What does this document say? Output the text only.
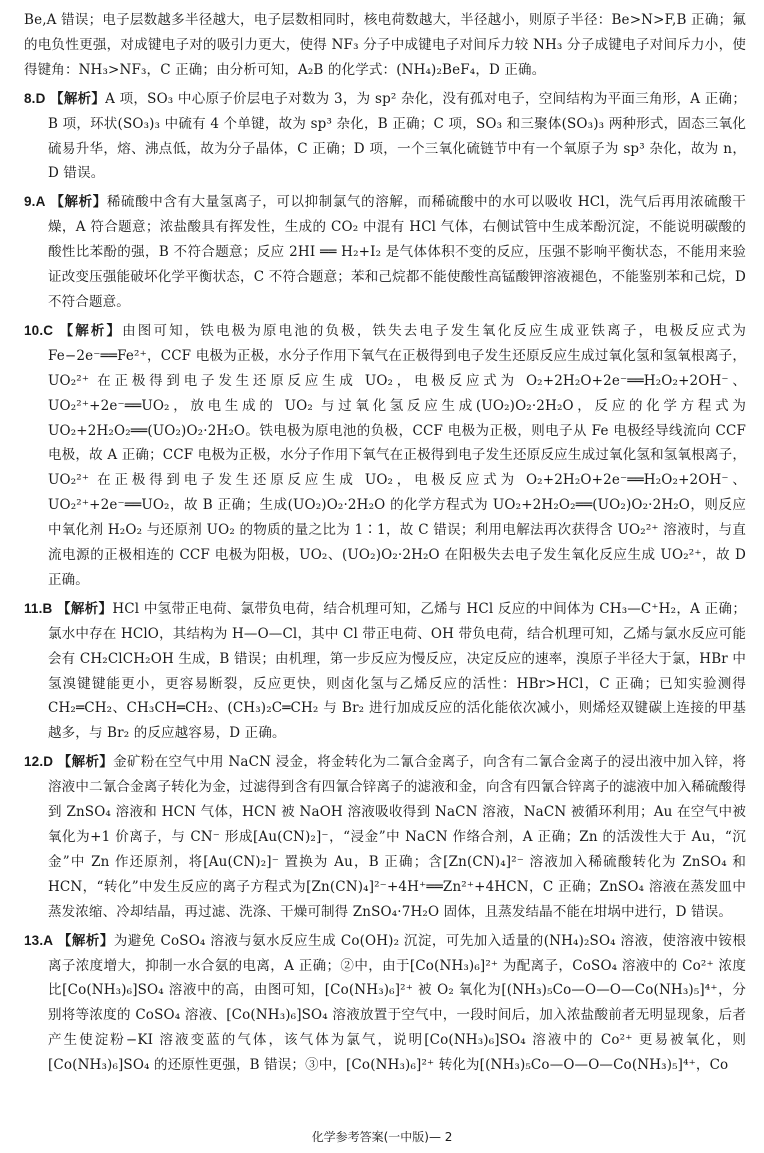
Be,A 错误；电子层数越多半径越大，电子层数相同时，核电荷数越大，半径越小，则原子半径：Be>N>F,B 正确；氟的电负性更强，对成键电子对的吸引力更大，使得 NF₃ 分子中成键电子对间斥力较 NH₃ 分子成键电子对间斥力小，使得键角：NH₃>NF₃，C 正确；由分析可知，A₂B 的化学式：(NH₄)₂BeF₄，D 正确。

8.D 【解析】A 项，SO₃ 中心原子价层电子对数为 3，为 sp² 杂化，没有孤对电子，空间结构为平面三角形，A 正确；B 项，环状(SO₃)₃ 中硫有 4 个单键，故为 sp³ 杂化，B 正确；C 项，SO₃ 和三聚体(SO₃)₃ 两种形式，固态三氧化硫易升华，熔、沸点低，故为分子晶体，C 正确；D 项，一个三氧化硫链节中有一个氧原子为 sp³ 杂化，故为 n，D 错误。

9.A 【解析】稀硫酸中含有大量氢离子，可以抑制氯气的溶解，而稀硫酸中的水可以吸收 HCl，洗气后再用浓硫酸干燥，A 符合题意；浓盐酸具有挥发性，生成的 CO₂ 中混有 HCl 气体，右侧试管中生成苯酚沉淀，不能说明碳酸的酸性比苯酚的强，B 不符合题意；反应 2HI ══ H₂+I₂ 是气体体积不变的反应，压强不影响平衡状态，不能用来验证改变压强能破坏化学平衡状态，C 不符合题意；苯和己烷都不能使酸性高锰酸钾溶液褪色，不能鉴别苯和己烷，D 不符合题意。

10.C 【解析】由图可知，铁电极为原电池的负极，铁失去电子发生氧化反应生成亚铁离子，电极反应式为 Fe−2e⁻══Fe²⁺，CCF 电极为正极，水分子作用下氧气在正极得到电子发生还原反应生成过氧化氢和氢氧根离子，UO₂²⁺ 在正极得到电子发生还原反应生成 UO₂，电极反应式为 O₂+2H₂O+2e⁻══H₂O₂+2OH⁻、UO₂²⁺+2e⁻══UO₂，放电生成的 UO₂ 与过氧化氢反应生成(UO₂)O₂·2H₂O，反应的化学方程式为 UO₂+2H₂O₂══(UO₂)O₂·2H₂O。铁电极为原电池的负极，CCF 电极为正极，则电子从 Fe 电极经导线流向 CCF 电极，故 A 正确；CCF 电极为正极，水分子作用下氧气在正极得到电子发生还原反应生成过氧化氢和氢氧根离子，UO₂²⁺ 在正极得到电子发生还原反应生成 UO₂，电极反应式为 O₂+2H₂O+2e⁻══H₂O₂+2OH⁻、UO₂²⁺+2e⁻══UO₂，故 B 正确；生成(UO₂)O₂·2H₂O 的化学方程式为 UO₂+2H₂O₂══(UO₂)O₂·2H₂O，则反应中氧化剂 H₂O₂ 与还原剂 UO₂ 的物质的量之比为 1∶1，故 C 错误；利用电解法再次获得含 UO₂²⁺ 溶液时，与直流电源的正极相连的 CCF 电极为阳极，UO₂、(UO₂)O₂·2H₂O 在阳极失去电子发生氧化反应生成 UO₂²⁺，故 D 正确。

11.B 【解析】HCl 中氢带正电荷、氯带负电荷，结合机理可知，乙烯与 HCl 反应的中间体为 CH₃—C⁺H₂，A 正确；氯水中存在 HClO，其结构为 H—O—Cl，其中 Cl 带正电荷、OH 带负电荷，结合机理可知，乙烯与氯水反应可能会有 CH₂ClCH₂OH 生成，B 错误；由机理，第一步反应为慢反应，决定反应的速率，溴原子半径大于氯，HBr 中氢溴键键能更小，更容易断裂，反应更快，则卤化氢与乙烯反应的活性：HBr>HCl，C 正确；已知实验测得 CH₂═CH₂、CH₃CH═CH₂、(CH₃)₂C═CH₂ 与 Br₂ 进行加成反应的活化能依次减小，则烯烃双键碳上连接的甲基越多，与 Br₂ 的反应越容易，D 正确。

12.D 【解析】金矿粉在空气中用 NaCN 浸金，将金转化为二氰合金离子，向含有二氰合金离子的浸出液中加入锌，将溶液中二氰合金离子转化为金，过滤得到含有四氰合锌离子的滤液和金，向含有四氰合锌离子的滤液中加入稀硫酸得到 ZnSO₄ 溶液和 HCN 气体，HCN 被 NaOH 溶液吸收得到 NaCN 溶液，NaCN 被循环利用；Au 在空气中被氧化为+1 价离子，与 CN⁻ 形成[Au(CN)₂]⁻，“浸金”中 NaCN 作络合剂，A 正确；Zn 的活泼性大于 Au，“沉金”中 Zn 作还原剂，将[Au(CN)₂]⁻ 置换为 Au，B 正确；含[Zn(CN)₄]²⁻ 溶液加入稀硫酸转化为 ZnSO₄ 和 HCN，“转化”中发生反应的离子方程式为[Zn(CN)₄]²⁻+4H⁺══Zn²⁺+4HCN，C 正确；ZnSO₄ 溶液在蒸发皿中蒸发浓缩、冷却结晶，再过滤、洗涤、干燥可制得 ZnSO₄·7H₂O 固体，且蒸发结晶不能在坩埚中进行，D 错误。

13.A 【解析】为避免 CoSO₄ 溶液与氨水反应生成 Co(OH)₂ 沉淀，可先加入适量的(NH₄)₂SO₄ 溶液，使溶液中铵根离子浓度增大，抑制一水合氨的电离，A 正确；②中，由于[Co(NH₃)₆]²⁺ 为配离子，CoSO₄ 溶液中的 Co²⁺ 浓度比[Co(NH₃)₆]SO₄ 溶液中的高，由图可知，[Co(NH₃)₆]²⁺ 被 O₂ 氧化为[(NH₃)₅Co—O—O—Co(NH₃)₅]⁴⁺，分别将等浓度的 CoSO₄ 溶液、[Co(NH₃)₆]SO₄ 溶液放置于空气中，一段时间后，加入浓盐酸前者无明显现象，后者产生使淀粉−KI 溶液变蓝的气体，该气体为氯气，说明[Co(NH₃)₆]SO₄ 溶液中的 Co²⁺ 更易被氧化，则[Co(NH₃)₆]SO₄ 的还原性更强，B 错误；③中，[Co(NH₃)₆]²⁺ 转化为[(NH₃)₅Co—O—O—Co(NH₃)₅]⁴⁺，Co

化学参考答案(一中版)— 2
